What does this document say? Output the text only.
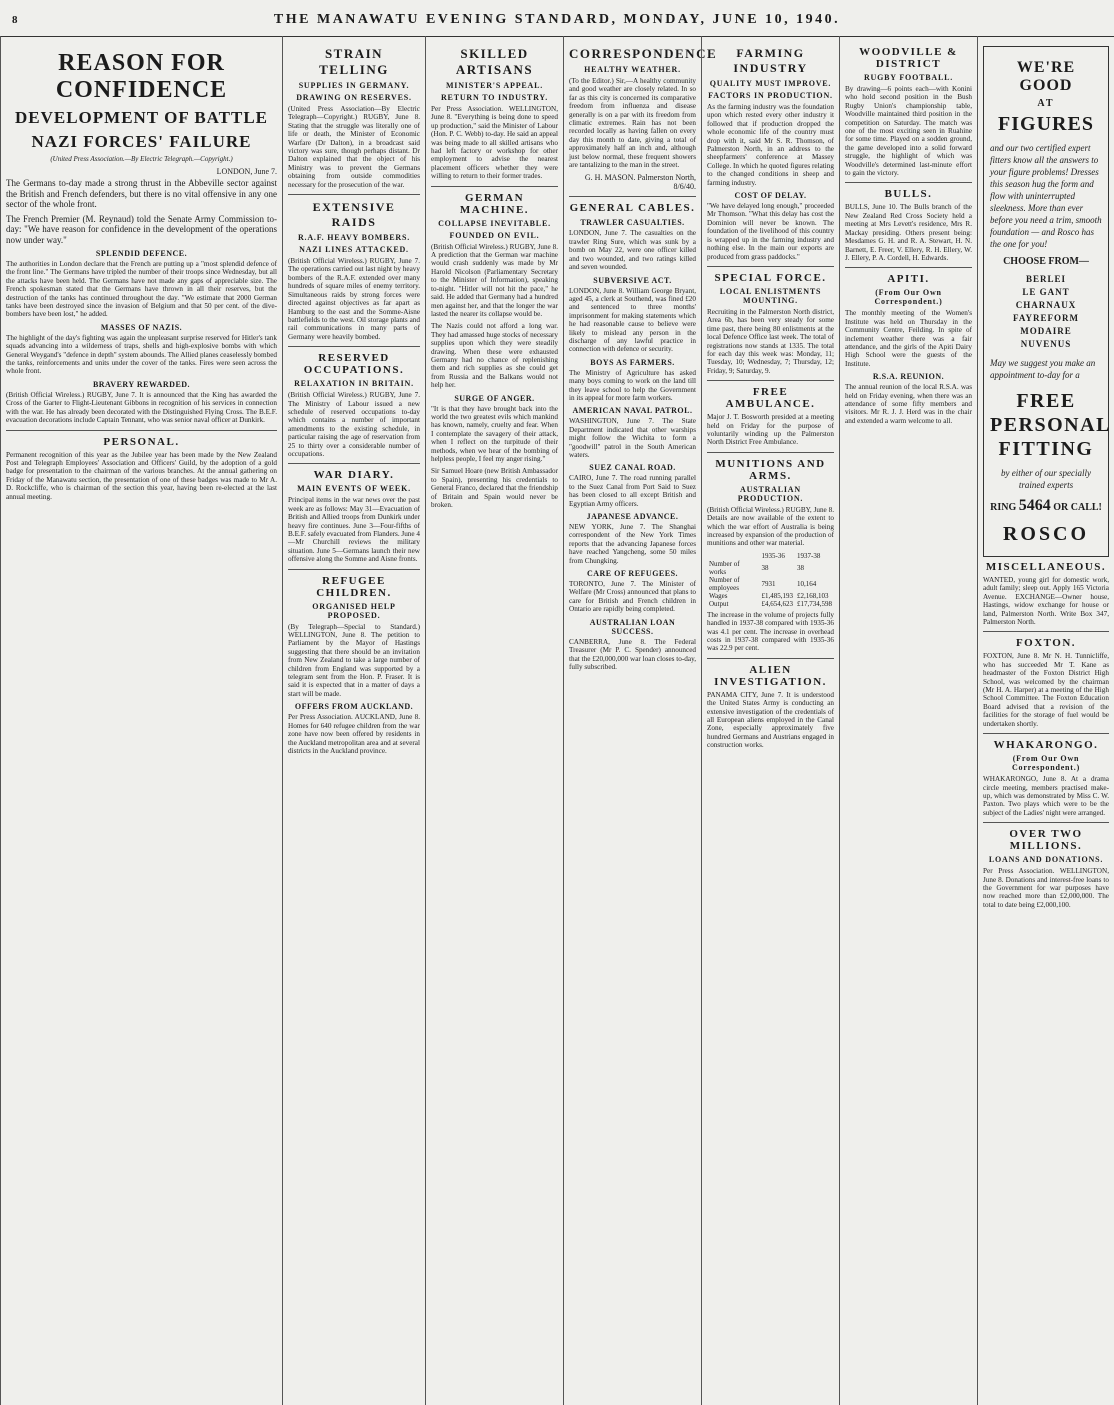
8	THE MANAWATU EVENING STANDARD, MONDAY, JUNE 10, 1940.
REASON FOR CONFIDENCE
DEVELOPMENT OF BATTLE
NAZI FORCES' FAILURE
(United Press Association.—By Electric Telegraph.—Copyright.)
LONDON, June 7.

The Germans to-day made a strong thrust in the Abbeville sector against the British and French defenders, but there is no vital offensive in any one sector of the whole front.

The French Premier (M. Reynaud) told the Senate Army Commission to-day: "We have reason for confidence in the development of the operations now under way."

SPLENDID DEFENCE.

The authorities in London declare that the French are putting up a "most splendid defence of the front line." The Germans have tripled the number of their troops since Wednesday, but all the attacks have been held. The Germans have not made any gaps of appreciable size. The French spokesman stated that the Germans have thrown in all their reserves, but the destruction of the tanks has continued throughout the day. "We estimate that 2000 German tanks have been destroyed since the invasion of Belgium and that 50 per cent. of the dive-bombers have been lost," he added.

MASSES OF NAZIS.

The highlight of the day's fighting was again the unpleasant surprise reserved for Hitler's tank squads advancing into a wilderness of traps, shells and high-explosive bombs with which General Weygand's "defence in depth" system abounds. The Allied planes ceaselessly bombed the tanks, reinforcements and units under the cover of the tanks. Fires were seen across the whole front.

BRAVERY REWARDED.

(British Official Wireless.) RUGBY, June 7. It is announced that the King has awarded the Cross of the Garter to Flight-Lieutenant Gibbons in recognition of his services in connection with the war. He has already been decorated with the Distinguished Flying Cross. The B.E.F. evacuation decorations include Captain Tennant, who was senior naval officer at Dunkirk.

PERSONAL.

Permanent recognition of this year as the Jubilee year has been made by the New Zealand Post and Telegraph Employees' Association and Officers' Guild, by the adoption of a gold badge for presentation to the chairman of the various branches. At the annual gathering on Friday of the Manawatu section, the presentation of one of these badges was made to Mr A. D. Rockcliffe, who is chairman of the section this year, having been re-elected at the last annual meeting.

STRAIN TELLING
SUPPLIES IN GERMANY.
DRAWING ON RESERVES.

(United Press Association—By Electric Telegraph—Copyright.) RUGBY, June 8. Stating that the struggle was literally one of life or death, the Minister of Economic Warfare (Dr Dalton), in a broadcast said victory was sure, though perhaps distant. Dr Dalton explained that the object of his Ministry was to prevent the Germans obtaining from outside commodities necessary for the prosecution of the war.

EXTENSIVE RAIDS
R.A.F. HEAVY BOMBERS.
NAZI LINES ATTACKED.

(British Official Wireless.) RUGBY, June 7. The operations carried out last night by heavy bombers of the R.A.F. extended over many hundreds of square miles of enemy territory. Simultaneous raids by strong forces were directed against objectives as far apart as Hamburg to the east and the Somme-Aisne battlefields to the west. Oil storage plants and rail communications in many parts of Germany were heavily bombed.

RESERVED OCCUPATIONS.
RELAXATION IN BRITAIN.

(British Official Wireless.) RUGBY, June 7. The Ministry of Labour issued a new schedule of reserved occupations to-day which contains a number of important amendments to the existing schedule, in particular raising the age of reservation from 25 to thirty over a considerable number of occupations.

WAR DIARY.
MAIN EVENTS OF WEEK.

Principal items in the war news over the past week are as follows: May 31—Evacuation of British and Allied troops from Dunkirk under heavy fire continues. June 3—Four-fifths of B.E.F. safely evacuated from Flanders. June 4—Mr Churchill reviews the military situation. June 5—Germans launch their new offensive along the Somme and Aisne fronts.

REFUGEE CHILDREN.
ORGANISED HELP PROPOSED.

(By Telegraph—Special to Standard.) WELLINGTON, June 8. The petition to Parliament by the Mayor of Hastings suggesting that there should be an invitation from New Zealand to take a large number of children from England was supported by a telegram sent from the Hon. P. Fraser. It is said it is expected that in a matter of days a start will be made.

OFFERS FROM AUCKLAND.

Per Press Association. AUCKLAND, June 8. Homes for 640 refugee children from the war zone have now been offered by residents in the Auckland metropolitan area and at several districts in the Auckland province.

SKILLED ARTISANS
MINISTER'S APPEAL.
RETURN TO INDUSTRY.

Per Press Association. WELLINGTON, June 8. "Everything is being done to speed up production," said the Minister of Labour (Hon. P. C. Webb) to-day. He said an appeal was being made to all skilled artisans who had left factory or workshop for other employment to advise the nearest placement officers whether they were willing to return to their former trades.

GERMAN MACHINE.
COLLAPSE INEVITABLE.
FOUNDED ON EVIL.

(British Official Wireless.) RUGBY, June 8. A prediction that the German war machine would crash suddenly was made by Mr Harold Nicolson (Parliamentary Secretary to the Minister of Information), speaking to-night. "Hitler will not hit the pace," he said. He added that Germany had a hundred men against her, and that the longer the war lasted the nearer its collapse would be.

The Nazis could not afford a long war. They had amassed huge stocks of necessary supplies upon which they were steadily drawing. When these were exhausted Germany had no chance of replenishing them and rich supplies as she could get from Russia and the Balkans would not help her.

SURGE OF ANGER.

"It is that they have brought back into the world the two greatest evils which mankind has known, namely, cruelty and fear. When I contemplate the savagery of their attack, when I reflect on the turpitude of their methods, when we hear of the bombing of helpless people, I feel my anger rising."

Sir Samuel Hoare (new British Ambassador to Spain), presenting his credentials to General Franco, declared that the friendship of Britain and Spain would never be broken.

CORRESPONDENCE
HEALTHY WEATHER.

(To the Editor.) Sir,—A healthy community and good weather are closely related. In so far as this city is concerned its comparative freedom from influenza and disease generally is on a par with its freedom from climatic extremes. Rain has not been recorded locally as having fallen on every day this month to date, giving a total of approximately half an inch and, although just below normal, these frequent showers are tantalizing to the man in the street.

G. H. MASON. Palmerston North, 8/6/40.
GENERAL CABLES.
TRAWLER CASUALTIES.

LONDON, June 7. The casualties on the trawler Ring Sure, which was sunk by a bomb on May 22, were one officer killed and two wounded, and two ratings killed and seven wounded.

SUBVERSIVE ACT.

LONDON, June 8. William George Bryant, aged 45, a clerk at Southend, was fined £20 and sentenced to three months' imprisonment for making statements which he had reasonable cause to believe were likely to mislead any person in the discharge of any lawful practice in connection with defence or security.

BOYS AS FARMERS.

The Ministry of Agriculture has asked many boys coming to work on the land till they leave school to help the Government in its appeal for more farm workers.

AMERICAN NAVAL PATROL.

WASHINGTON, June 7. The State Department indicated that other warships might follow the Wichita to form a "goodwill" patrol in the South American waters.

SUEZ CANAL ROAD.

CAIRO, June 7. The road running parallel to the Suez Canal from Port Said to Suez has been closed to all except British and Egyptian Army officers.

JAPANESE ADVANCE.

NEW YORK, June 7. The Shanghai correspondent of the New York Times reports that the advancing Japanese forces have reached Yangcheng, some 50 miles from Chungking.

CARE OF REFUGEES.

TORONTO, June 7. The Minister of Welfare (Mr Cross) announced that plans to care for British and French children in Ontario are rapidly being completed.

AUSTRALIAN LOAN SUCCESS.

CANBERRA, June 8. The Federal Treasurer (Mr P. C. Spender) announced that the £20,000,000 war loan closes to-day, fully subscribed.

FARMING INDUSTRY
QUALITY MUST IMPROVE.
FACTORS IN PRODUCTION.

As the farming industry was the foundation upon which rested every other industry it followed that if production dropped the whole economic life of the country must drop with it, said Mr S. R. Thomson, of Palmerston North, in an address to the sheepfarmers' conference at Massey College. In which he quoted figures relating to the changed conditions in sheep and farming industry.

COST OF DELAY.

"We have delayed long enough," proceeded Mr Thomson. "What this delay has cost the Dominion will never be known. The foundation of the livelihood of this country is wrapped up in the farming industry and nothing else. In the main our exports are produced from grass paddocks."

SPECIAL FORCE.
LOCAL ENLISTMENTS MOUNTING.

Recruiting in the Palmerston North district, Area 6b, has been very steady for some time past, there being 80 enlistments at the local Defence Office last week. The total of registrations now stands at 1335. The total for each day this week was: Monday, 11; Tuesday, 10; Wednesday, 7; Thursday, 12; Friday, 9; Saturday, 9.

FREE AMBULANCE.

Major J. T. Bosworth presided at a meeting held on Friday for the purpose of voluntarily winding up the Palmerston North District Free Ambulance.

MUNITIONS AND ARMS.
AUSTRALIAN PRODUCTION.

(British Official Wireless.) RUGBY, June 8. Details are now available of the extent to which the war effort of Australia is being increased by expansion of the production of munitions and other war material.

	1935-36	1937-38
Number of works	38	38
Number of employees	7931	10,164
Wages	£1,485,193	£2,168,103
Output	£4,654,623	£17,734,598

The increase in the volume of projects fully handled in 1937-38 compared with 1935-36 was 4.1 per cent. The increase in overhead costs in 1937-38 compared with 1935-36 was 22.9 per cent.

ALIEN INVESTIGATION.

PANAMA CITY, June 7. It is understood the United States Army is conducting an extensive investigation of the credentials of all European aliens employed in the Canal Zone, especially approximately five hundred Germans and Austrians engaged in construction works.

WOODVILLE & DISTRICT
RUGBY FOOTBALL.

By drawing—6 points each—with Konini who hold second position in the Bush Rugby Union's championship table, Woodville maintained third position in the competition on Saturday. The match was one of the most exciting seen in Ruahine for some time. Played on a sodden ground, the game developed into a solid forward struggle, the highlight of which was Woodville's determined last-minute effort to gain the victory.

BULLS.

BULLS, June 10. The Bulls branch of the New Zealand Red Cross Society held a meeting at Mrs Levett's residence, Mrs R. Mackay presiding. Others present being: Mesdames G. H. and R. A. Stewart, H. N. Barnett, E. Freer, V. Ellery, R. H. Ellery, W. J. Ellery, P. A. Cordell, H. Edwards.

APITI.
(From Our Own Correspondent.)

The monthly meeting of the Women's Institute was held on Thursday in the Community Centre, Feilding. In spite of inclement weather there was a fair attendance, and the girls of the Apiti Dairy High School were the guests of the Institute.

R.S.A. REUNION.

The annual reunion of the local R.S.A. was held on Friday evening, when there was an attendance of some fifty members and visitors. Mr R. J. J. Herd was in the chair and extended a warm welcome to all.

WE'RE GOOD
AT
FIGURES
and our two certified expert fitters know all the answers to your figure problems! Dresses this season hug the form and flow with uninterrupted sleekness. More than ever before you need a trim, smooth foundation — and Rosco has the one for you!
CHOOSE FROM—
BERLEI
LE GANT
CHARNAUX
FAYREFORM
MODAIRE
NUVENUS
May we suggest you make an appointment to-day for a
FREE PERSONAL FITTING
by either of our specially trained experts
RING 5464 OR CALL!
ROSCO
MISCELLANEOUS.

WANTED, young girl for domestic work, adult family; sleep out. Apply 165 Victoria Avenue. EXCHANGE—Owner house, Hastings, widow exchange for house or land, Palmerston North. Write Box 347, Palmerston North.

FOXTON.

FOXTON, June 8. Mr N. H. Tunnicliffe, who has succeeded Mr T. Kane as headmaster of the Foxton District High School, was welcomed by the chairman (Mr H. A. Harper) at a meeting of the High School Committee. The Foxton Education Board advised that a revision of the facilities for the storage of fuel would be undertaken shortly.

WHAKARONGO.
(From Our Own Correspondent.)

WHAKARONGO, June 8. At a drama circle meeting, members practised make-up, which was demonstrated by Miss C. W. Paxton. Two plays which were to be the subject of the Ladies' night were arranged.

OVER TWO MILLIONS.
LOANS AND DONATIONS.

Per Press Association. WELLINGTON, June 8. Donations and interest-free loans to the Government for war purposes have now reached more than £2,000,000. The total to date being £2,000,100.
